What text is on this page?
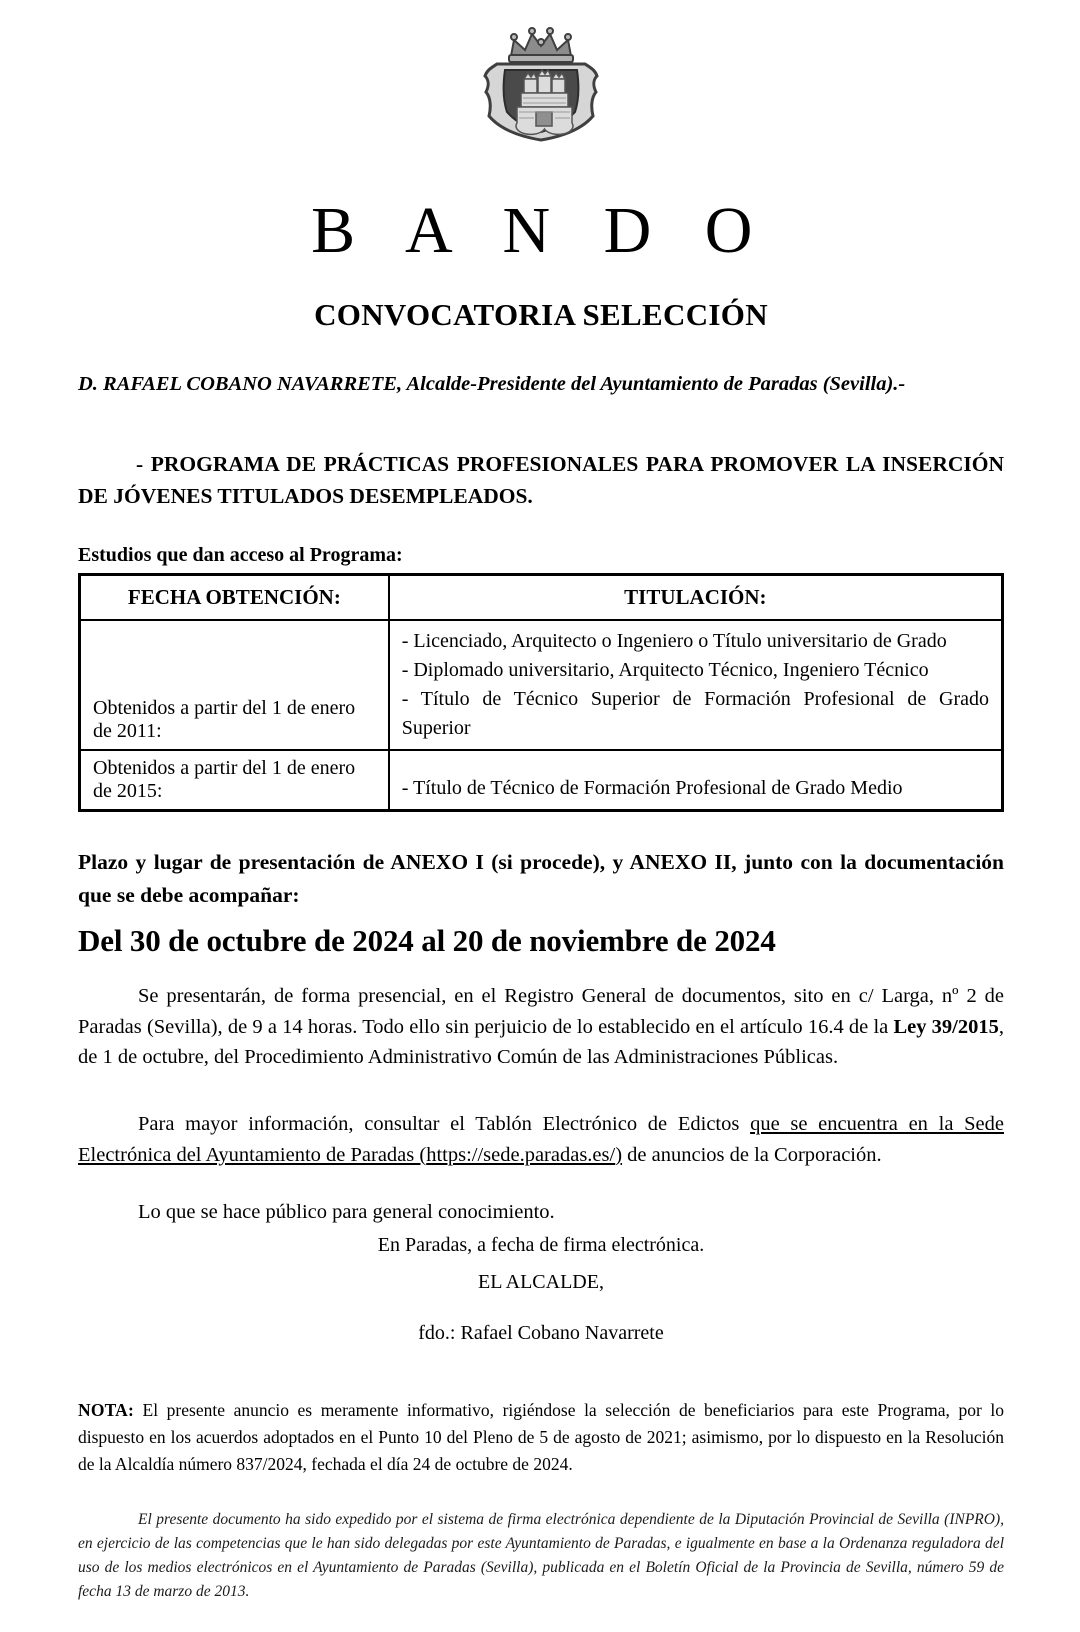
B A N D O
CONVOCATORIA SELECCIÓN

D. RAFAEL COBANO NAVARRETE, Alcalde-Presidente del Ayuntamiento de Paradas (Sevilla).-

- PROGRAMA DE PRÁCTICAS PROFESIONALES PARA PROMOVER LA INSERCIÓN DE JÓVENES TITULADOS DESEMPLEADOS.

Estudios que dan acceso al Programa:

FECHA OBTENCIÓN:	TITULACIÓN:
Obtenidos a partir del 1 de enero de 2011:	- Licenciado, Arquitecto o Ingeniero o Título universitario de Grado
- Diplomado universitario, Arquitecto Técnico, Ingeniero Técnico
- Título de Técnico Superior de Formación Profesional de Grado Superior

Obtenidos a partir del 1 de enero de 2015:	- Título de Técnico de Formación Profesional de Grado Medio

Plazo y lugar de presentación de ANEXO I (si procede), y ANEXO II, junto con la documentación que se debe acompañar:

Del 30 de octubre de 2024 al 20 de noviembre de 2024

Se presentarán, de forma presencial, en el Registro General de documentos, sito en c/ Larga, nº 2 de Paradas (Sevilla), de 9 a 14 horas. Todo ello sin perjuicio de lo establecido en el artículo 16.4 de la Ley 39/2015, de 1 de octubre, del Procedimiento Administrativo Común de las Administraciones Públicas.

Para mayor información, consultar el Tablón Electrónico de Edictos que se encuentra en la Sede Electrónica del Ayuntamiento de Paradas (https://sede.paradas.es/) de anuncios de la Corporación.

Lo que se hace público para general conocimiento.

En Paradas, a fecha de firma electrónica.

EL ALCALDE,

fdo.: Rafael Cobano Navarrete

NOTA: El presente anuncio es meramente informativo, rigiéndose la selección de beneficiarios para este Programa, por lo dispuesto en los acuerdos adoptados en el Punto 10 del Pleno de 5 de agosto de 2021; asimismo, por lo dispuesto en la Resolución de la Alcaldía número 837/2024, fechada el día 24 de octubre de 2024.

El presente documento ha sido expedido por el sistema de firma electrónica dependiente de la Diputación Provincial de Sevilla (INPRO), en ejercicio de las competencias que le han sido delegadas por este Ayuntamiento de Paradas, e igualmente en base a la Ordenanza reguladora del uso de los medios electrónicos en el Ayuntamiento de Paradas (Sevilla), publicada en el Boletín Oficial de la Provincia de Sevilla, número 59 de fecha 13 de marzo de 2013.
